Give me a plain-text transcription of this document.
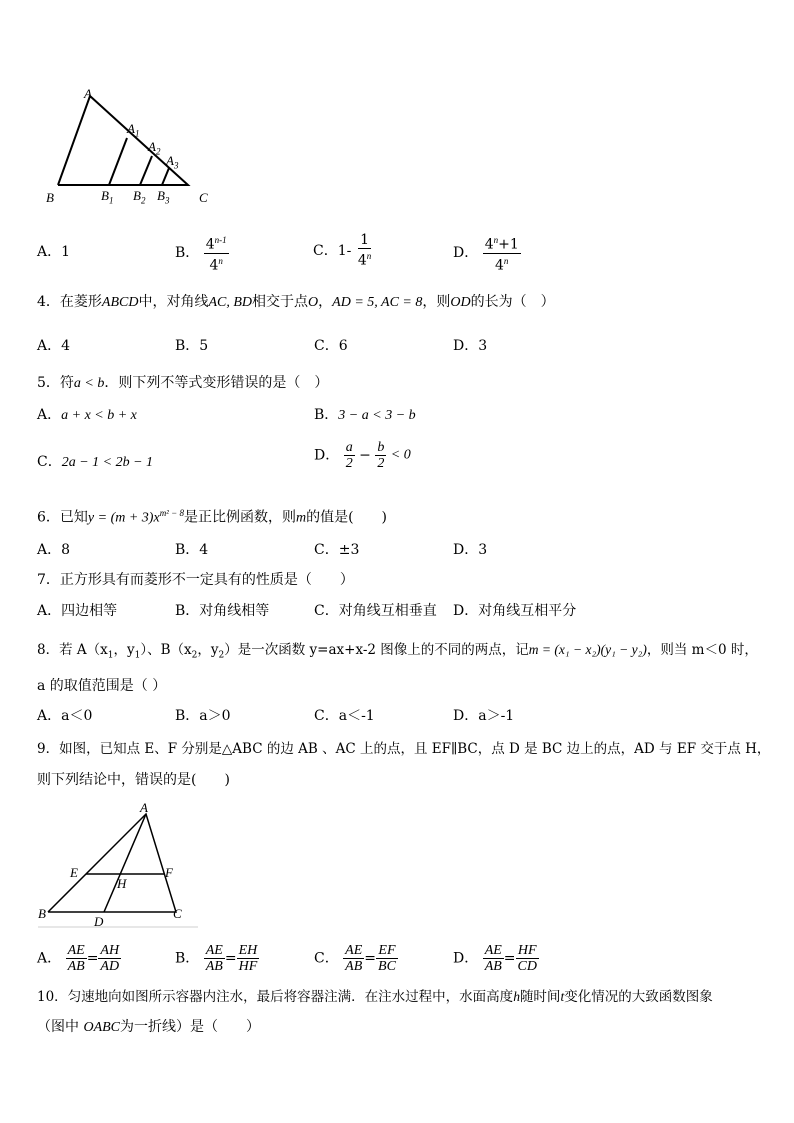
A
$A_1$
$A_2$
$A_3$
B	$B_1$ $B_2$ $B_3$ C
A．1	B． $\frac{4^{n-1}}{4^n}$	C．$1- \frac{1}{4^n}$	D． $\frac{4^n+1}{4^n}$
4．在菱形ABCD中，对角线AC, BD相交于点O，AD = 5, AC = 8，则OD的长为（　）
A．4	B．5	C．6	D．3
5．符a < b．则下列不等式变形错误的是（　）
A．a + x < b + x	B．3 − a < 3 − b
C．2a − 1 < 2b − 1	D． $\frac{a}{2} - \frac{b}{2} < 0$
6．已知$y = (m + 3)x^{m^2 - 8}$是正比例函数，则m的值是(　　)
A．8	B．4	C．±3	D．3
7．正方形具有而菱形不一定具有的性质是（　　）
A．四边相等	B．对角线相等	C．对角线互相垂直 D．对角线互相平分
8．若 $A(x_1$，$y_1$）、$B(x_2$，$y_2$）是一次函数 y=ax+x-2 图像上的不同的两点，记m = (x₁ − x₂)(y₁ − y₂)，则当 m＜0 时，
a 的取值范围是（ ）
A．a＜0	B．a＞0	C．a＜-1	D．a＞-1
9．如图，已知点 E、F 分别是△ABC 的边 AB 、AC 上的点，且 EF∥BC，点 D 是 BC 边上的点，AD 与 EF 交于点 H，
则下列结论中，错误的是(　　)
A
E	F
H
B
D
C
A． $\frac{AE}{AB} = \frac{AH}{AD}$	B． $\frac{AE}{AB} = \frac{EH}{HF}$	C． $\frac{AE}{AB} = \frac{EF}{BC}$	D． $\frac{AE}{AB} = \frac{HF}{CD}$
10．匀速地向如图所示容器内注水，最后将容器注满．在注水过程中，水面高度h随时间t变化情况的大致函数图象
（图中 OABC为一折线）是（　　）
